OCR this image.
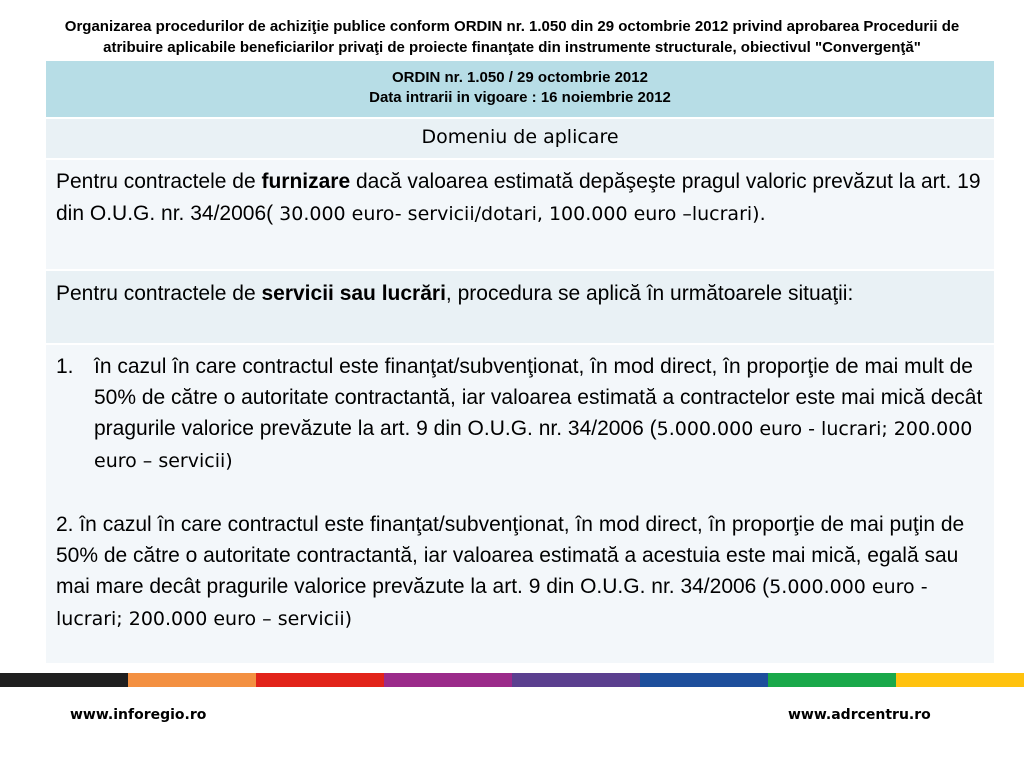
Organizarea procedurilor de achiziţie publice conform ORDIN nr. 1.050 din 29 octombrie 2012 privind aprobarea Procedurii de
atribuire aplicabile beneficiarilor privaţi de proiecte finanţate din instrumente structurale, obiectivul "Convergenţă"
ORDIN nr. 1.050 / 29 octombrie 2012
Data intrarii in vigoare : 16 noiembrie 2012
Domeniu de aplicare
Pentru contractele de furnizare dacă valoarea estimată depăşeşte pragul valoric prevăzut la art. 19 din O.U.G. nr. 34/2006( 30.000 euro- servicii/dotari, 100.000 euro –lucrari).
Pentru contractele de servicii sau lucrări, procedura se aplică în următoarele situaţii:
1. în cazul în care contractul este finanţat/subvenţionat, în mod direct, în proporţie de mai mult de 50% de către o autoritate contractantă, iar valoarea estimată a contractelor este mai mică decât pragurile valorice prevăzute la art. 9 din O.U.G. nr. 34/2006 (5.000.000 euro - lucrari; 200.000 euro – servicii)
2. în cazul în care contractul este finanţat/subvenţionat, în mod direct, în proporţie de mai puţin de 50% de către o autoritate contractantă, iar valoarea estimată a acestuia este mai mică, egală sau mai mare decât pragurile valorice prevăzute la art. 9 din O.U.G. nr. 34/2006 (5.000.000 euro - lucrari; 200.000 euro – servicii)
www.inforegio.ro	www.adrcentru.ro
